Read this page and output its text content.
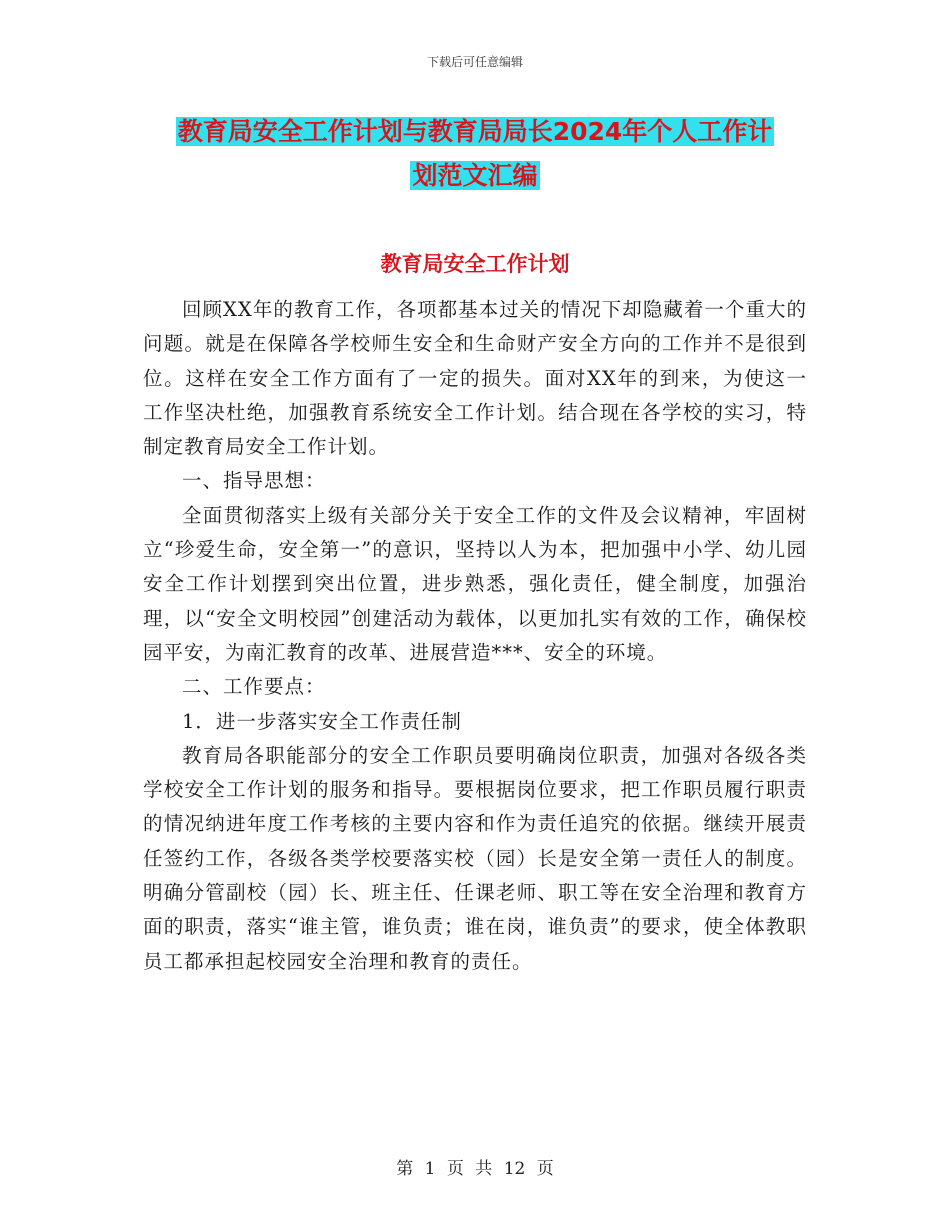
下载后可任意编辑
教育局安全工作计划与教育局局长2024年个人工作计
划范文汇编
教育局安全工作计划

回顾XX年的教育工作，各项都基本过关的情况下却隐藏着一个重大的问题。就是在保障各学校师生安全和生命财产安全方向的工作并不是很到位。这样在安全工作方面有了一定的损失。面对XX年的到来，为使这一工作坚决杜绝，加强教育系统安全工作计划。结合现在各学校的实习，特制定教育局安全工作计划。

一、指导思想：

全面贯彻落实上级有关部分关于安全工作的文件及会议精神，牢固树立“珍爱生命，安全第一”的意识，坚持以人为本，把加强中小学、幼儿园安全工作计划摆到突出位置，进步熟悉，强化责任，健全制度，加强治理，以“安全文明校园”创建活动为载体，以更加扎实有效的工作，确保校园平安，为南汇教育的改革、进展营造***、安全的环境。

二、工作要点：

1．进一步落实安全工作责任制

教育局各职能部分的安全工作职员要明确岗位职责，加强对各级各类学校安全工作计划的服务和指导。要根据岗位要求，把工作职员履行职责的情况纳进年度工作考核的主要内容和作为责任追究的依据。继续开展责任签约工作，各级各类学校要落实校（园）长是安全第一责任人的制度。明确分管副校（园）长、班主任、任课老师、职工等在安全治理和教育方面的职责，落实“谁主管，谁负责；谁在岗，谁负责”的要求，使全体教职员工都承担起校园安全治理和教育的责任。

第 1 页 共 12 页
